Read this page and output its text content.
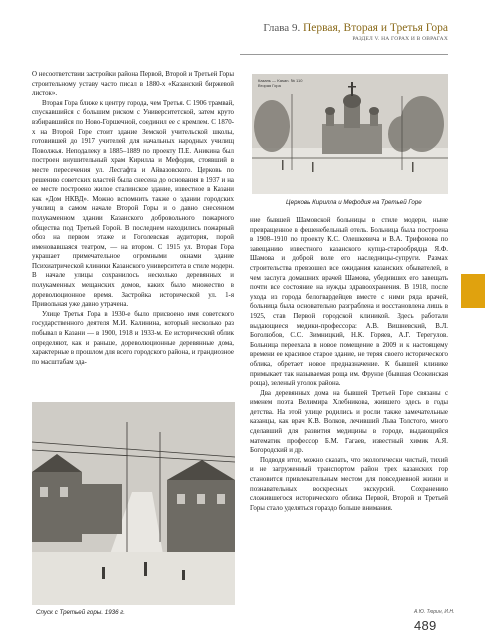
Глава 9. Первая, Вторая и Третья Гора
РАЗДЕЛ V. НА ГОРАХ И В ОВРАГАХ
Казань — Kasan. № 110
Вторая Гора
Церковь Кирилла и Мефодия на Третьей Горе

О несоответствии застройки района Первой, Второй и Третьей Горы строительному уставу часто писал в 1880-х «Казанский биржевой листок».

Вторая Гора ближе к центру города, чем Третья. С 1906 трамвай, спускавшийся с большим риском с Университетской, затем круто взбиравшийся по Ново-Горшечной, соединил ее с кремлем. С 1870-х на Второй Горе стоит здание Земской учительской школы, готовившей до 1917 учителей для начальных народных училищ Поволжья. Неподалеку в 1885–1889 по проекту П.Е. Аникина был построен внушительный храм Кирилла и Мефодия, стоявший в месте пересечения ул. Лесгафта и Айвазовского. Церковь по решению советских властей была снесена до основания в 1937 и на ее месте построено жилое сталинское здание, известное в Казани как «Дом НКВД». Можно вспомнить также о здании городских училищ в самом начале Второй Горы и о давно снесенном полукаменном здании Казанского добровольного пожарного общества под Третьей Горой. В последнем находились пожарный обоз на первом этаже и Гоголевская аудитория, порой именовавшаяся театром, — на втором. С 1915 ул. Вторая Гора украшает примечательное огромными окнами здание Психиатрической клиники Казанского университета в стиле модерн. В начале улицы сохранилось несколько деревянных и полукаменных мещанских домов, каких было множество в дореволюционное время. Застройка исторической ул. 1-я Привольная уже давно утрачена.

Улице Третья Гора в 1930-е было присвоено имя советского государственного деятеля М.И. Калинина, который несколько раз побывал в Казани — в 1900, 1918 и 1933-м. Ее исторический облик определяют, как и раньше, дореволюционные деревянные дома, характерные в прошлом для всего городского района, и грандиозное по масштабам зда-

ние бывшей Шамовской больницы в стиле модерн, ныне превращенное в фешенебельный отель. Больница была построена в 1908–1910 по проекту К.С. Олешкевича и В.А. Трифонова по завещанию известного казанского купца-старообрядца Я.Ф. Шамова и доброй воле его наследницы-супруги. Размах строительства превзошел все ожидания казанских обывателей, в чем заслуга домашних врачей Шамова, убедивших его завещать почти все состояние на нужды здравоохранения. В 1918, после ухода из города белогвардейцев вместе с ними ряда врачей, больница была основательно разграблена и восстановлена лишь в 1925, став Первой городской клиникой. Здесь работали выдающиеся медики-профессора: А.В. Вишневский, В.Л. Боголюбов, С.С. Зимницкий, Н.К. Горяев, А.Г. Терегулов. Больница переехала в новое помещение в 2009 и к настоящему времени ее красивое старое здание, не теряя своего исторического облика, обретает новое предназначение. К бывшей клинике примыкает так называемая роща им. Фрунзе (бывшая Осокинская роща), зеленый уголок района.

Два деревянных дома на бывшей Третьей Горе связаны с именем поэта Велимира Хлебникова, жившего здесь в годы детства. На этой улице родились и росли также замечательные казанцы, как врач К.В. Волков, лечивший Льва Толстого, много сделавший для развития медицины в городе, выдающийся математик профессор Б.М. Гагаев, известный химик А.Я. Богородский и др.

Подводя итог, можно сказать, что экологически чистый, тихий и не загруженный транспортом район трех казанских гор становится привлекательным местом для повседневной жизни и познавательных воскресных экскурсий. Сохранению сложившегося исторического облика Первой, Второй и Третьей Горы стало уделяться гораздо больше внимания.

Спуск с Третьей горы. 1936 г.	А.Ю. Тюрин, И.Н.
489
